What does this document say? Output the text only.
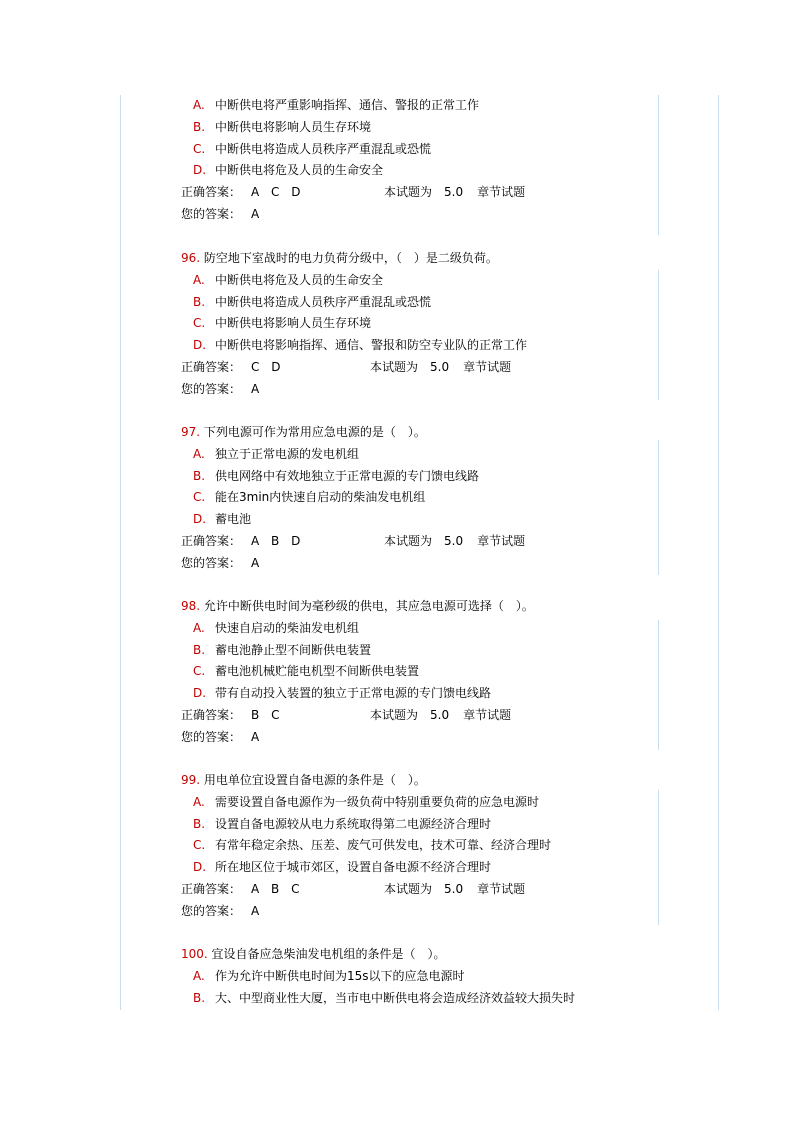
A. 中断供电将严重影响指挥、通信、警报的正常工作
B. 中断供电将影响人员生存环境
C. 中断供电将造成人员秩序严重混乱或恐慌
D. 中断供电将危及人员的生命安全
正确答案： A C D	本试题为 5.0 章节试题
您的答案： A
96. 防空地下室战时的电力负荷分级中，（　）是二级负荷。
A. 中断供电将危及人员的生命安全
B. 中断供电将造成人员秩序严重混乱或恐慌
C. 中断供电将影响人员生存环境
D. 中断供电将影响指挥、通信、警报和防空专业队的正常工作
正确答案： C D	本试题为 5.0 章节试题
您的答案： A
97. 下列电源可作为常用应急电源的是（　）。
A. 独立于正常电源的发电机组
B. 供电网络中有效地独立于正常电源的专门馈电线路
C. 能在3min内快速自启动的柴油发电机组
D. 蓄电池
正确答案： A B D	本试题为 5.0 章节试题
您的答案： A
98. 允许中断供电时间为毫秒级的供电，其应急电源可选择（　）。
A. 快速自启动的柴油发电机组
B. 蓄电池静止型不间断供电装置
C. 蓄电池机械贮能电机型不间断供电装置
D. 带有自动投入装置的独立于正常电源的专门馈电线路
正确答案： B C	本试题为 5.0 章节试题
您的答案： A
99. 用电单位宜设置自备电源的条件是（　）。
A. 需要设置自备电源作为一级负荷中特别重要负荷的应急电源时
B. 设置自备电源较从电力系统取得第二电源经济合理时
C. 有常年稳定余热、压差、废气可供发电，技术可靠、经济合理时
D. 所在地区位于城市郊区，设置自备电源不经济合理时
正确答案： A B C	本试题为 5.0 章节试题
您的答案： A
100. 宜设自备应急柴油发电机组的条件是（　）。
A. 作为允许中断供电时间为15s以下的应急电源时
B. 大、中型商业性大厦，当市电中断供电将会造成经济效益较大损失时
